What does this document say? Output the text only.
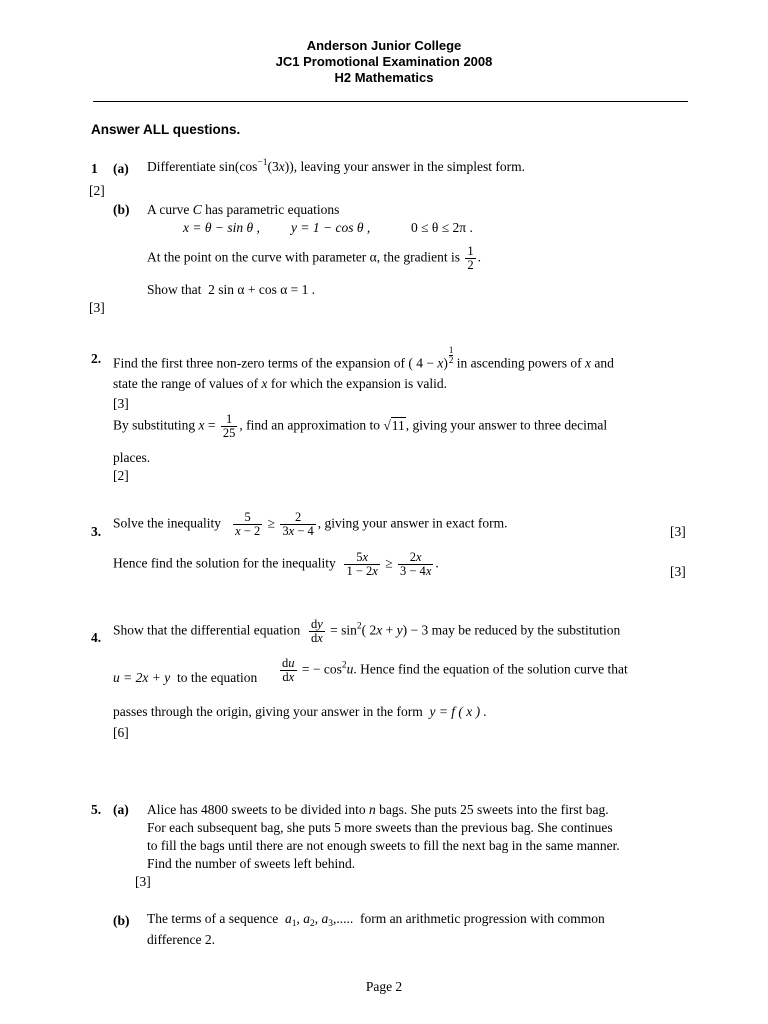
Anderson Junior College
JC1 Promotional Examination 2008
H2 Mathematics
Answer ALL questions.
1 (a) Differentiate $\sin(\cos^{-1}(3x))$, leaving your answer in the simplest form.
[2]
(b) A curve C has parametric equations
x = θ − sin θ , y = 1 − cos θ ,	0 ≤ θ ≤ 2π .
At the point on the curve with parameter α, the gradient is $\frac{1}{2}$ .
Show that 2 sin α + cos α = 1 .
[3]
2. Find the first three non-zero terms of the expansion of ( $4 - x)\frac{1}{2}$ in ascending powers of x and
state the range of values of x for which the expansion is valid.
[3]
By substituting $x = \frac{1}{25}$ , find an approximation to √11, giving your answer to three decimal
places.
[2]
3.
Solve the inequality $\frac{5}{x - 2} \ge \frac{2}{3x - 4}$ , giving your answer in exact form.
[3]
Hence find the solution for the inequality $\frac{5x}{1 - 2x} \ge \frac{2x}{3 - 4x}$ .
[3]
4. Show that the differential equation $\frac{dy}{dx} = \sin^2$( 2x + y) − 3 may be reduced by the substitution
u = 2x + y to the equation $\frac{du}{dx}$ = − $\cos^2u$. Hence find the equation of the solution curve that
passes through the origin, giving your answer in the form y = f ( x ) .
[6]
5. (a) Alice has 4800 sweets to be divided into n bags. She puts 25 sweets into the first bag.
For each subsequent bag, she puts 5 more sweets than the previous bag. She continues
to fill the bags until there are not enough sweets to fill the next bag in the same manner.
Find the number of sweets left behind.
[3]
(b) The terms of a sequence $a_1$, $a_2$, $a_3$,.....  form an arithmetic progression with common
difference 2.
Page 2
